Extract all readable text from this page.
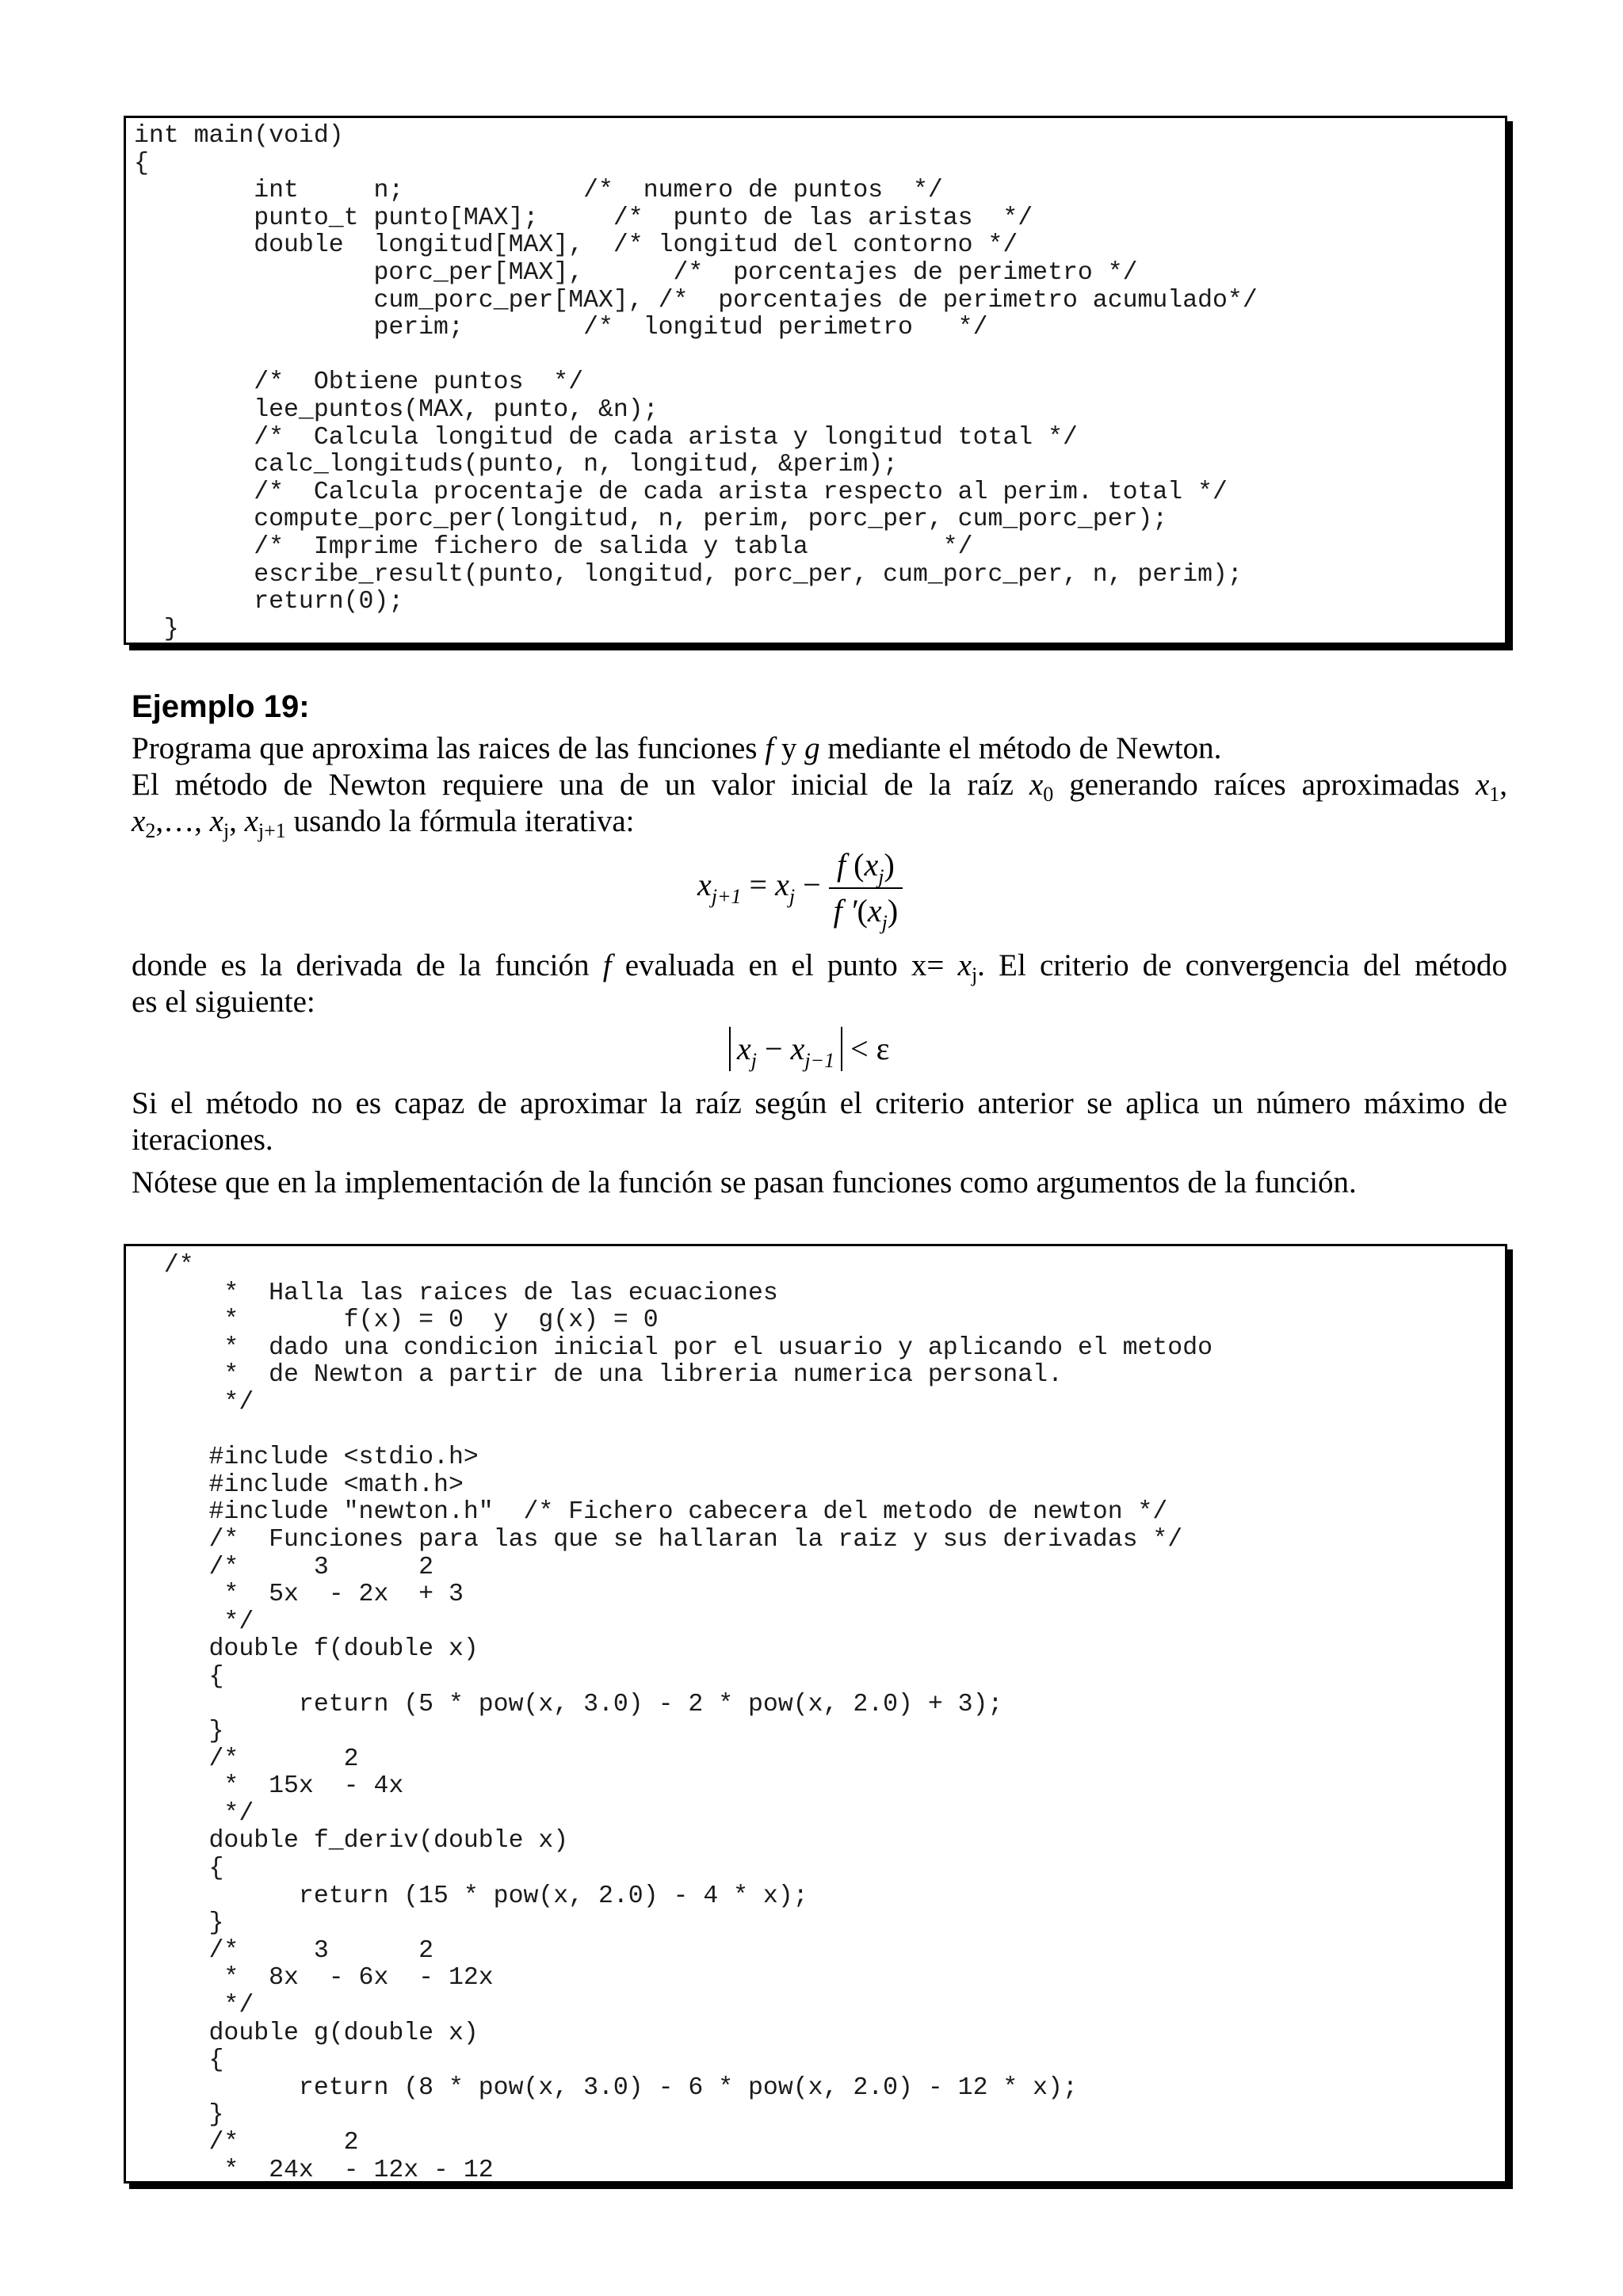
int main(void)
{
int     n;            /*  numero de puntos  */
punto_t punto[MAX];     /*  punto de las aristas  */
double  longitud[MAX],  /* longitud del contorno */
porc_per[MAX],      /*  porcentajes de perimetro */
cum_porc_per[MAX], /*  porcentajes de perimetro acumulado*/
perim;        /*  longitud perimetro   */

/*  Obtiene puntos  */
lee_puntos(MAX, punto, &n);
/*  Calcula longitud de cada arista y longitud total */
calc_longituds(punto, n, longitud, &perim);
/*  Calcula procentaje de cada arista respecto al perim. total */
compute_porc_per(longitud, n, perim, porc_per, cum_porc_per);
/*  Imprime fichero de salida y tabla         */
escribe_result(punto, longitud, porc_per, cum_porc_per, n, perim);
return(0);
}
Ejemplo 19:
Programa que aproxima las raices de las funciones f y g mediante el método de Newton.
El método de Newton requiere una de un valor inicial de la raíz $x_0$ generando raíces aproximadas $x_1$,
$x_2,\dots$, $x_j$, $x_{j+1}$ usando la fórmula iterativa:
$x_{j+1} = x_j - \frac{f (x_j)}{f '(x_j)}$
donde es la derivada de la función f evaluada en el punto $x= x_j$. El criterio de convergencia del método
es el siguiente:
$x_j - x_{j-1} < \varepsilon$
Si el método no es capaz de aproximar la raíz según el criterio anterior se aplica un número máximo de
iteraciones.
Nótese que en la implementación de la función se pasan funciones como argumentos de la función.
/*
*  Halla las raices de las ecuaciones
*       f(x) = 0  y  g(x) = 0
*  dado una condicion inicial por el usuario y aplicando el metodo
*  de Newton a partir de una libreria numerica personal.
*/

#include <stdio.h>
#include <math.h>
#include "newton.h"  /* Fichero cabecera del metodo de newton */
/*  Funciones para las que se hallaran la raiz y sus derivadas */
/*     3      2
*  5x  - 2x  + 3
*/
double f(double x)
{
return (5 * pow(x, 3.0) - 2 * pow(x, 2.0) + 3);
}
/*       2
*  15x  - 4x
*/
double f_deriv(double x)
{
return (15 * pow(x, 2.0) - 4 * x);
}
/*     3      2
*  8x  - 6x  - 12x
*/
double g(double x)
{
return (8 * pow(x, 3.0) - 6 * pow(x, 2.0) - 12 * x);
}
/*       2
*  24x  - 12x - 12
